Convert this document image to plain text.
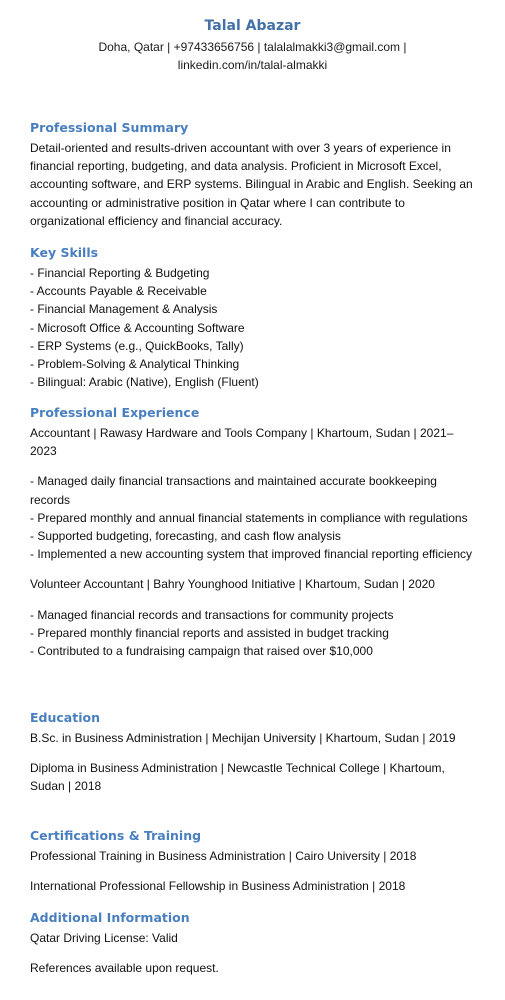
Talal Abazar
Doha, Qatar | +97433656756 | talalalmakki3@gmail.com |
linkedin.com/in/talal-almakki
Professional Summary
Detail-oriented and results-driven accountant with over 3 years of experience in financial reporting, budgeting, and data analysis. Proficient in Microsoft Excel, accounting software, and ERP systems. Bilingual in Arabic and English. Seeking an accounting or administrative position in Qatar where I can contribute to organizational efficiency and financial accuracy.
Key Skills
- Financial Reporting & Budgeting
- Accounts Payable & Receivable
- Financial Management & Analysis
- Microsoft Office & Accounting Software
- ERP Systems (e.g., QuickBooks, Tally)
- Problem-Solving & Analytical Thinking
- Bilingual: Arabic (Native), English (Fluent)
Professional Experience
Accountant | Rawasy Hardware and Tools Company | Khartoum, Sudan | 2021–2023
- Managed daily financial transactions and maintained accurate bookkeeping records
- Prepared monthly and annual financial statements in compliance with regulations
- Supported budgeting, forecasting, and cash flow analysis
- Implemented a new accounting system that improved financial reporting efficiency
Volunteer Accountant | Bahry Younghood Initiative | Khartoum, Sudan | 2020
- Managed financial records and transactions for community projects
- Prepared monthly financial reports and assisted in budget tracking
- Contributed to a fundraising campaign that raised over $10,000
Education
B.Sc. in Business Administration | Mechijan University | Khartoum, Sudan | 2019
Diploma in Business Administration | Newcastle Technical College | Khartoum, Sudan | 2018
Certifications & Training
Professional Training in Business Administration | Cairo University | 2018
International Professional Fellowship in Business Administration | 2018
Additional Information
Qatar Driving License: Valid
References available upon request.
